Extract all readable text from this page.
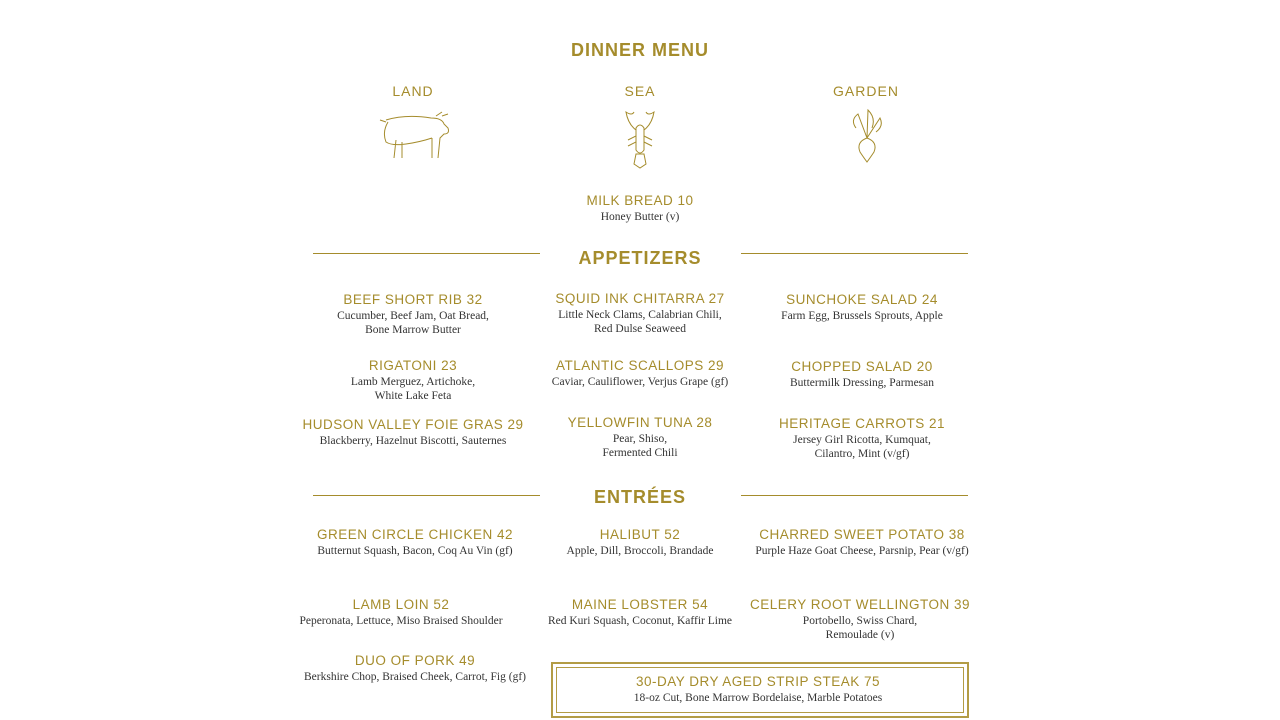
DINNER MENU
LAND	SEA	GARDEN
MILK BREAD 10
Honey Butter (v)
APPETIZERS
ENTRÉES
BEEF SHORT RIB 32
Cucumber, Beef Jam, Oat Bread,
Bone Marrow Butter
SQUID INK CHITARRA 27
Little Neck Clams, Calabrian Chili,
Red Dulse Seaweed
SUNCHOKE SALAD 24
Farm Egg, Brussels Sprouts, Apple
RIGATONI 23
Lamb Merguez, Artichoke,
White Lake Feta
ATLANTIC SCALLOPS 29
Caviar, Cauliflower, Verjus Grape (gf)
CHOPPED SALAD 20
Buttermilk Dressing, Parmesan
HUDSON VALLEY FOIE GRAS 29
Blackberry, Hazelnut Biscotti, Sauternes
YELLOWFIN TUNA 28
Pear, Shiso,
Fermented Chili
HERITAGE CARROTS 21
Jersey Girl Ricotta, Kumquat,
Cilantro, Mint (v/gf)
GREEN CIRCLE CHICKEN 42
Butternut Squash, Bacon, Coq Au Vin (gf)
HALIBUT 52
Apple, Dill, Broccoli, Brandade
CHARRED SWEET POTATO 38
Purple Haze Goat Cheese, Parsnip, Pear (v/gf)
LAMB LOIN 52
Peperonata, Lettuce, Miso Braised Shoulder
MAINE LOBSTER 54
Red Kuri Squash, Coconut, Kaffir Lime
CELERY ROOT WELLINGTON 39
Portobello, Swiss Chard,
Remoulade (v)
DUO OF PORK 49
Berkshire Chop, Braised Cheek, Carrot, Fig (gf)	30-DAY DRY AGED STRIP STEAK 75
18-oz Cut, Bone Marrow Bordelaise, Marble Potatoes
